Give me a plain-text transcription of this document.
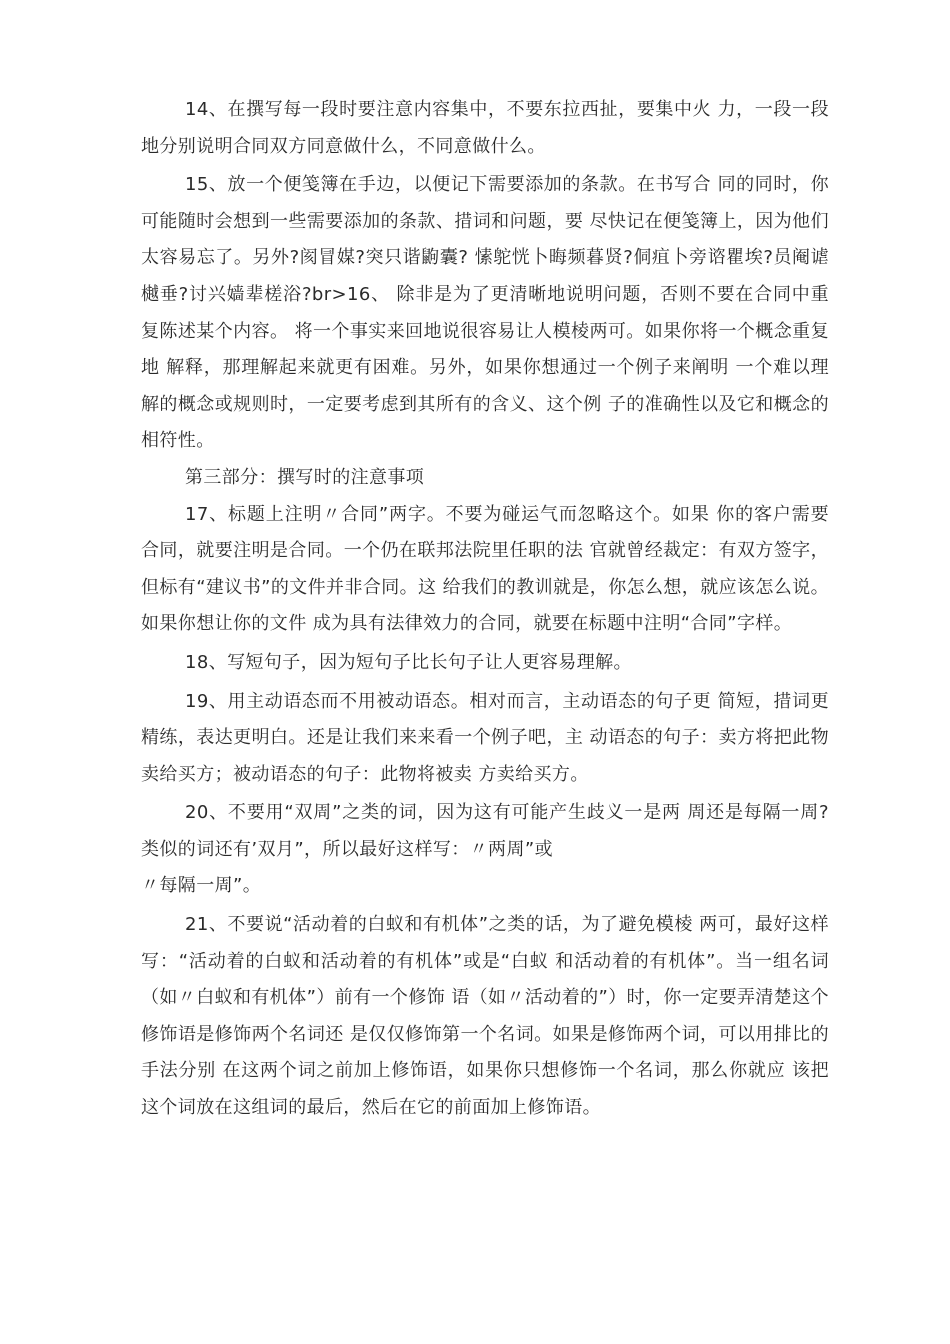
14、在撰写每一段时要注意内容集中，不要东拉西扯，要集中火 力，一段一段地分别说明合同双方同意做什么，不同意做什么。

15、放一个便笺簿在手边，以便记下需要添加的条款。在书写合 同的同时，你可能随时会想到一些需要添加的条款、措词和问题，要 尽快记在便笺簿上，因为他们太容易忘了。另外?阂冒媒?突只谐鼩囊? 愫鸵恍卜晦频暮贤?侗疽卜旁谘瞿埃?员阉谑樾垂?讨兴嫱辈槎浴?br>16、 除非是为了更清晰地说明问题，否则不要在合同中重复陈述某个内容。 将一个事实来回地说很容易让人模棱两可。如果你将一个概念重复地 解释，那理解起来就更有困难。另外，如果你想通过一个例子来阐明 一个难以理解的概念或规则时，一定要考虑到其所有的含义、这个例 子的准确性以及它和概念的相符性。

第三部分：撰写时的注意事项

17、标题上注明〃合同”两字。不要为碰运气而忽略这个。如果 你的客户需要合同，就要注明是合同。一个仍在联邦法院里任职的法 官就曾经裁定：有双方签字，但标有“建议书”的文件并非合同。这 给我们的教训就是，你怎么想，就应该怎么说。如果你想让你的文件 成为具有法律效力的合同，就要在标题中注明“合同”字样。

18、写短句子，因为短句子比长句子让人更容易理解。

19、用主动语态而不用被动语态。相对而言，主动语态的句子更 简短，措词更精练，表达更明白。还是让我们来来看一个例子吧，主 动语态的句子：卖方将把此物卖给买方；被动语态的句子：此物将被卖 方卖给买方。

20、不要用“双周”之类的词，因为这有可能产生歧义一是两 周还是每隔一周?类似的词还有’双月”，所以最好这样写：〃两周”或

〃每隔一周”。

21、不要说“活动着的白蚁和有机体”之类的话，为了避免模棱 两可，最好这样写：“活动着的白蚁和活动着的有机体”或是“白蚁 和活动着的有机体”。当一组名词（如〃白蚁和有机体”）前有一个修饰 语（如〃活动着的”）时，你一定要弄清楚这个修饰语是修饰两个名词还 是仅仅修饰第一个名词。如果是修饰两个词，可以用排比的手法分别 在这两个词之前加上修饰语，如果你只想修饰一个名词，那么你就应 该把这个词放在这组词的最后，然后在它的前面加上修饰语。
